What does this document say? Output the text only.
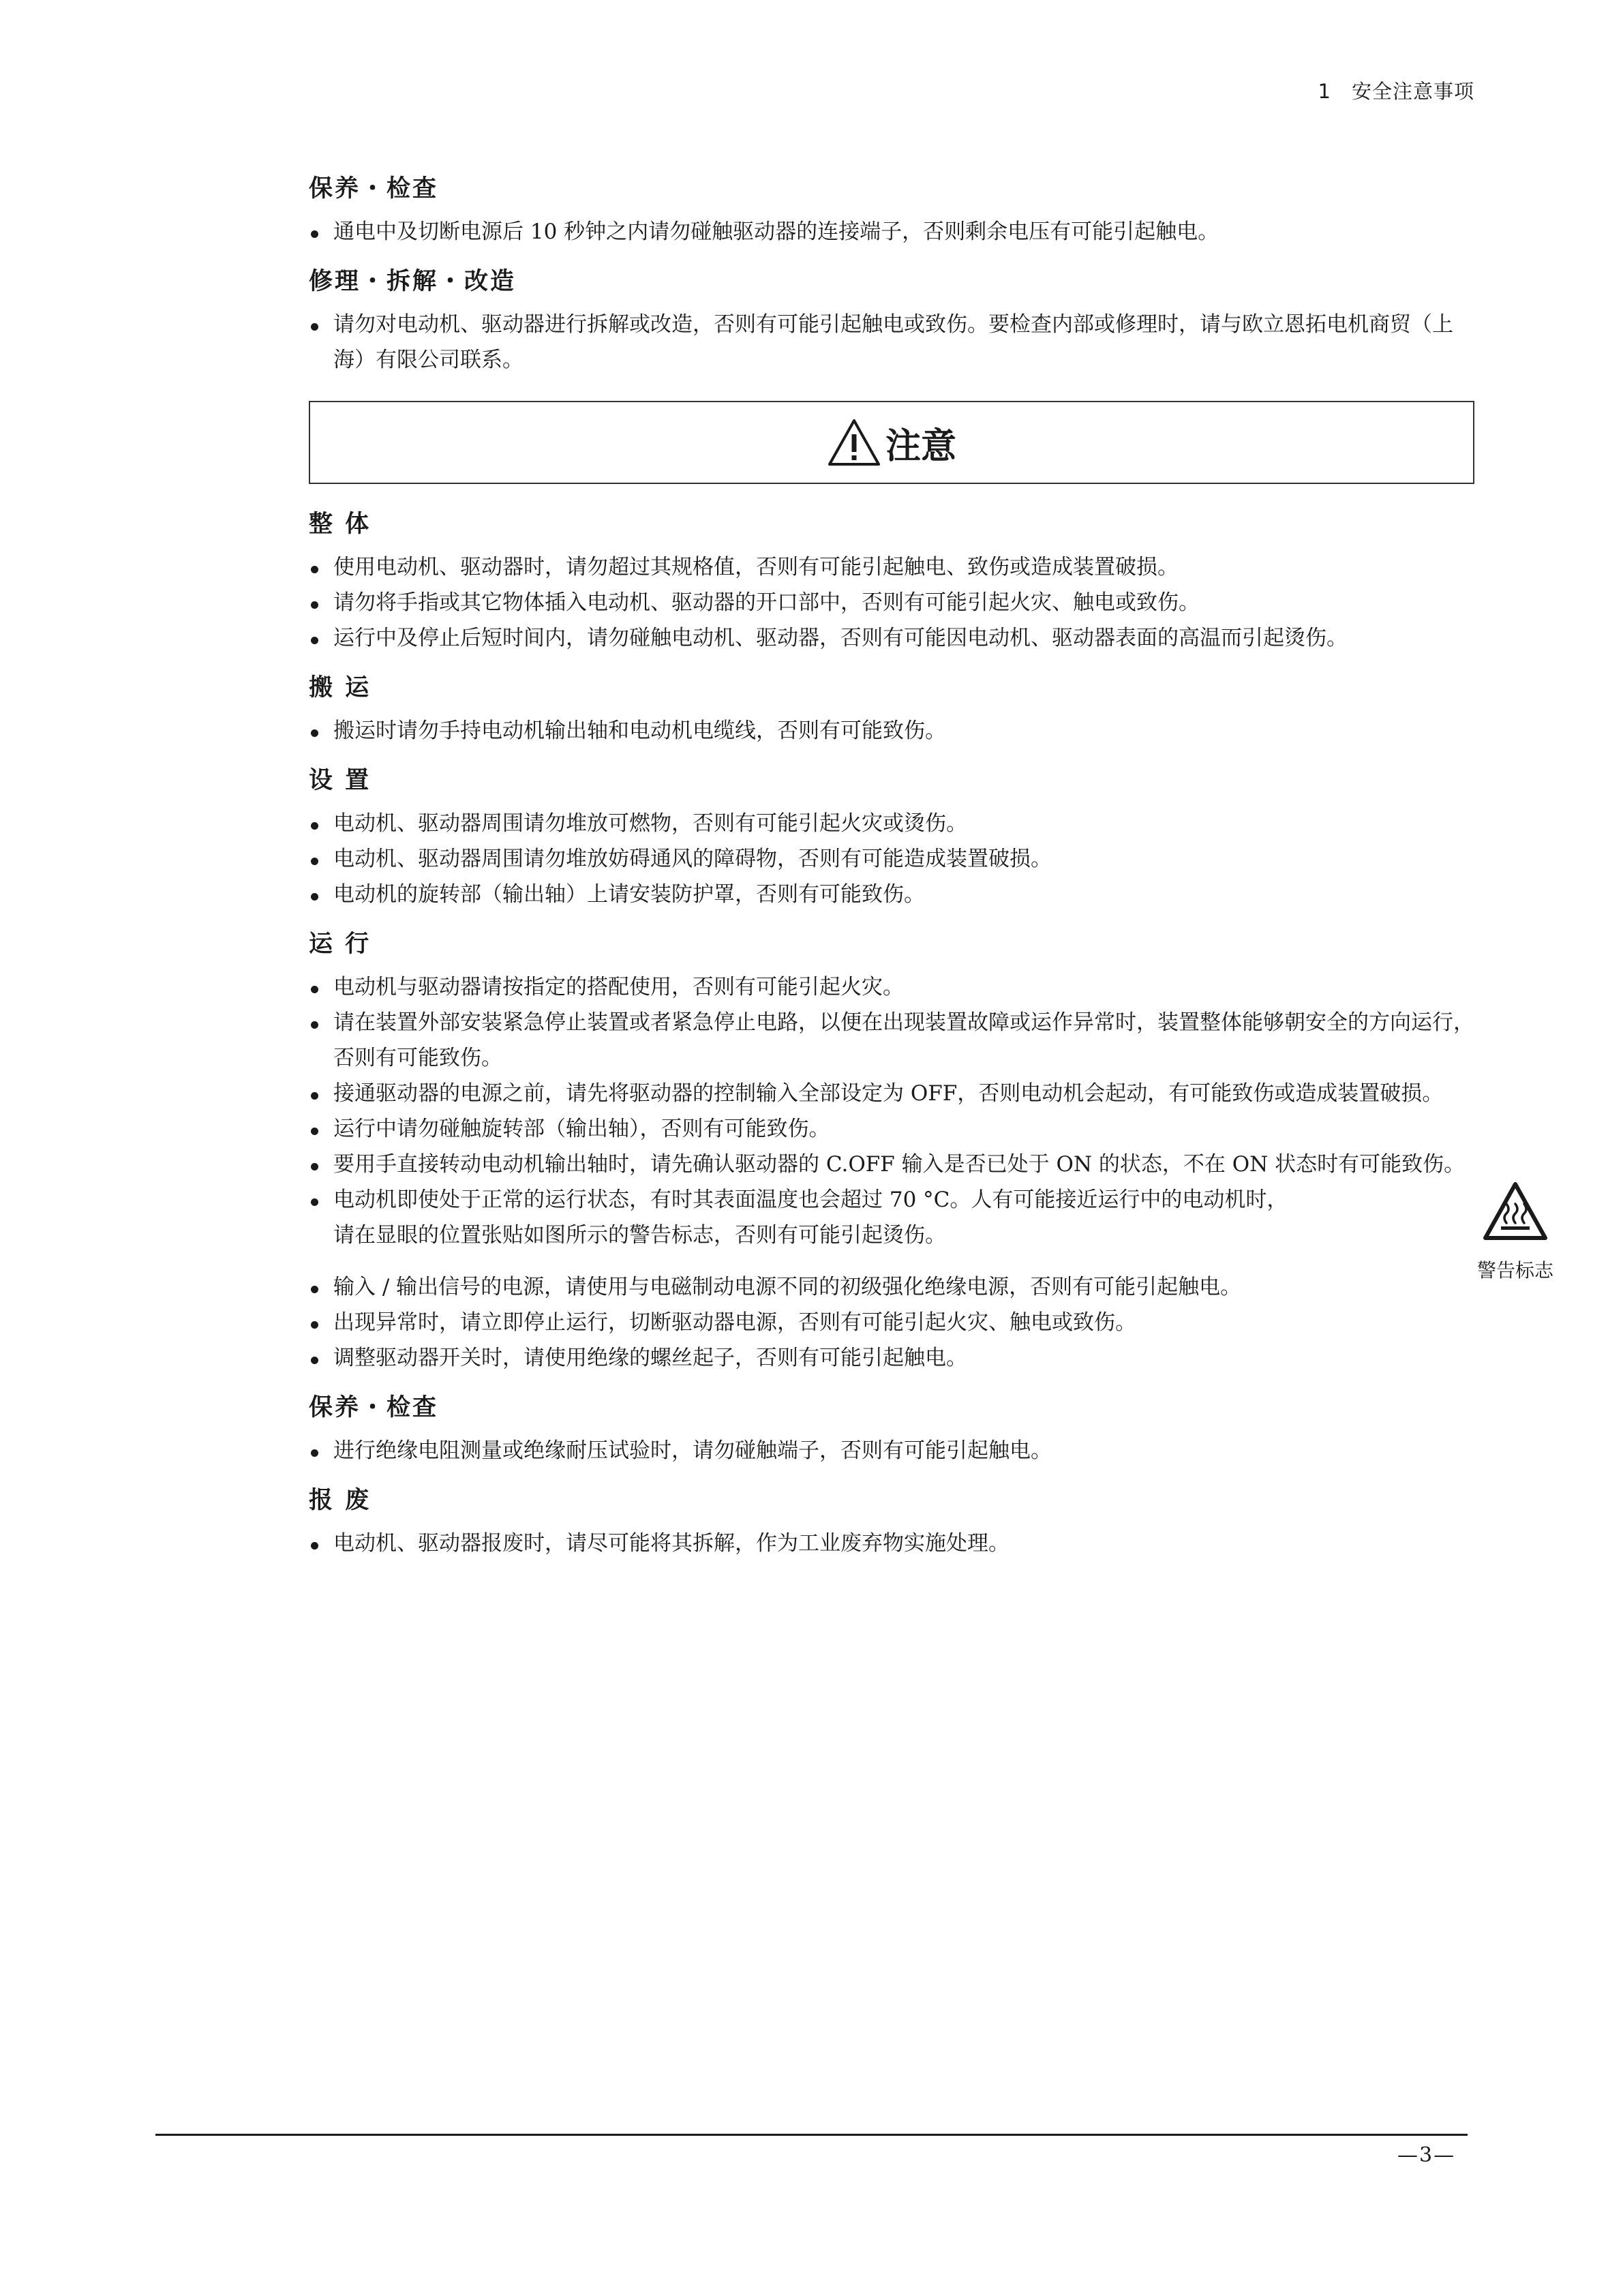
1 安全注意事项
保养・检查
通电中及切断电源后 10 秒钟之内请勿碰触驱动器的连接端子，否则剩余电压有可能引起触电。
修理・拆解・改造
请勿对电动机、驱动器进行拆解或改造，否则有可能引起触电或致伤。要检查内部或修理时，请与欧立恩拓电机商贸（上海）有限公司联系。
注意
整 体
使用电动机、驱动器时，请勿超过其规格值，否则有可能引起触电、致伤或造成装置破损。
请勿将手指或其它物体插入电动机、驱动器的开口部中，否则有可能引起火灾、触电或致伤。
运行中及停止后短时间内，请勿碰触电动机、驱动器，否则有可能因电动机、驱动器表面的高温而引起烫伤。
搬 运
搬运时请勿手持电动机输出轴和电动机电缆线，否则有可能致伤。
设 置
电动机、驱动器周围请勿堆放可燃物，否则有可能引起火灾或烫伤。
电动机、驱动器周围请勿堆放妨碍通风的障碍物，否则有可能造成装置破损。
电动机的旋转部（输出轴）上请安装防护罩，否则有可能致伤。
运 行
电动机与驱动器请按指定的搭配使用，否则有可能引起火灾。
请在装置外部安装紧急停止装置或者紧急停止电路，以便在出现装置故障或运作异常时，装置整体能够朝安全的方向运行，否则有可能致伤。
接通驱动器的电源之前，请先将驱动器的控制输入全部设定为 OFF，否则电动机会起动，有可能致伤或造成装置破损。
运行中请勿碰触旋转部（输出轴），否则有可能致伤。
要用手直接转动电动机输出轴时，请先确认驱动器的 C.OFF 输入是否已处于 ON 的状态，不在 ON 状态时有可能致伤。
电动机即使处于正常的运行状态，有时其表面温度也会超过 70 °C。人有可能接近运行中的电动机时，请在显眼的位置张贴如图所示的警告标志，否则有可能引起烫伤。
警告标志
输入 / 输出信号的电源，请使用与电磁制动电源不同的初级强化绝缘电源，否则有可能引起触电。
出现异常时，请立即停止运行，切断驱动器电源，否则有可能引起火灾、触电或致伤。
调整驱动器开关时，请使用绝缘的螺丝起子，否则有可能引起触电。
保养・检查
进行绝缘电阻测量或绝缘耐压试验时，请勿碰触端子，否则有可能引起触电。
报 废
电动机、驱动器报废时，请尽可能将其拆解，作为工业废弃物实施处理。
—3—
